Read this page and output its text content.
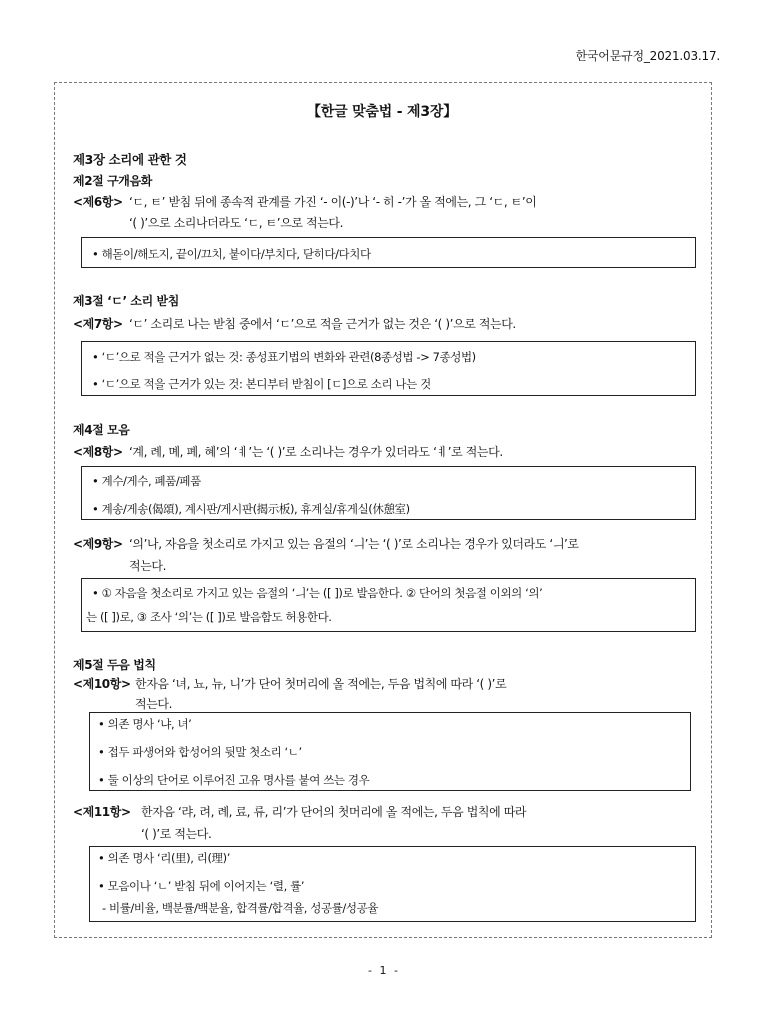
한국어문규정_2021.03.17.
【한글 맞춤법 - 제3장】
제3장 소리에 관한 것
제2절 구개음화
<제6항> ‘ㄷ, ㅌ’ 받침 뒤에 종속적 관계를 가진 ‘- 이(-)’나 ‘- 히 -’가 올 적에는, 그 ‘ㄷ, ㅌ’이
‘( )’으로 소리나더라도 ‘ㄷ, ㅌ’으로 적는다.
• 해돋이/해도지, 끝이/끄치, 붙이다/부치다, 닫히다/다치다
제3절 ‘ㄷ’ 소리 받침
<제7항> ‘ㄷ’ 소리로 나는 받침 중에서 ‘ㄷ’으로 적을 근거가 없는 것은 ‘( )’으로 적는다.
• ‘ㄷ’으로 적을 근거가 없는 것: 종성표기법의 변화와 관련(8종성법 -> 7종성법)
• ‘ㄷ’으로 적을 근거가 있는 것: 본디부터 받침이 [ㄷ]으로 소리 나는 것
제4절 모음
<제8항> ‘계, 례, 몌, 폐, 혜’의 ‘ㅖ’는 ‘( )’로 소리나는 경우가 있더라도 ‘ㅖ’로 적는다.
• 계수/게수, 폐품/페품
• 계송/게송(偈頌), 계시판/게시판(揭示板), 휴계실/휴게실(休憩室)
<제9항> ‘의’나, 자음을 첫소리로 가지고 있는 음절의 ‘ㅢ’는 ‘( )’로 소리나는 경우가 있더라도 ‘ㅢ’로
적는다.
• ① 자음을 첫소리로 가지고 있는 음절의 ‘ㅢ’는 ([ ])로 발음한다. ② 단어의 첫음절 이외의 ‘의’
는 ([ ])로, ③ 조사 ‘의’는 ([ ])로 발음함도 허용한다.
제5절 두음 법칙
<제10항> 한자음 ‘녀, 뇨, 뉴, 니’가 단어 첫머리에 올 적에는, 두음 법칙에 따라 ‘( )’로
적는다.
• 의존 명사 ‘냐, 녀’
• 접두 파생어와 합성어의 뒷말 첫소리 ‘ㄴ’
• 둘 이상의 단어로 이루어진 고유 명사를 붙여 쓰는 경우
<제11항> 한자음 ‘랴, 려, 례, 료, 류, 리’가 단어의 첫머리에 올 적에는, 두음 법칙에 따라
‘( )’로 적는다.
• 의존 명사 ‘리(里), 리(理)’
• 모음이나 ‘ㄴ’ 받침 뒤에 이어지는 ‘렬, 률’
- 비률/비율, 백분률/백분율, 합격률/합격율, 성공률/성공율
- 1 -
